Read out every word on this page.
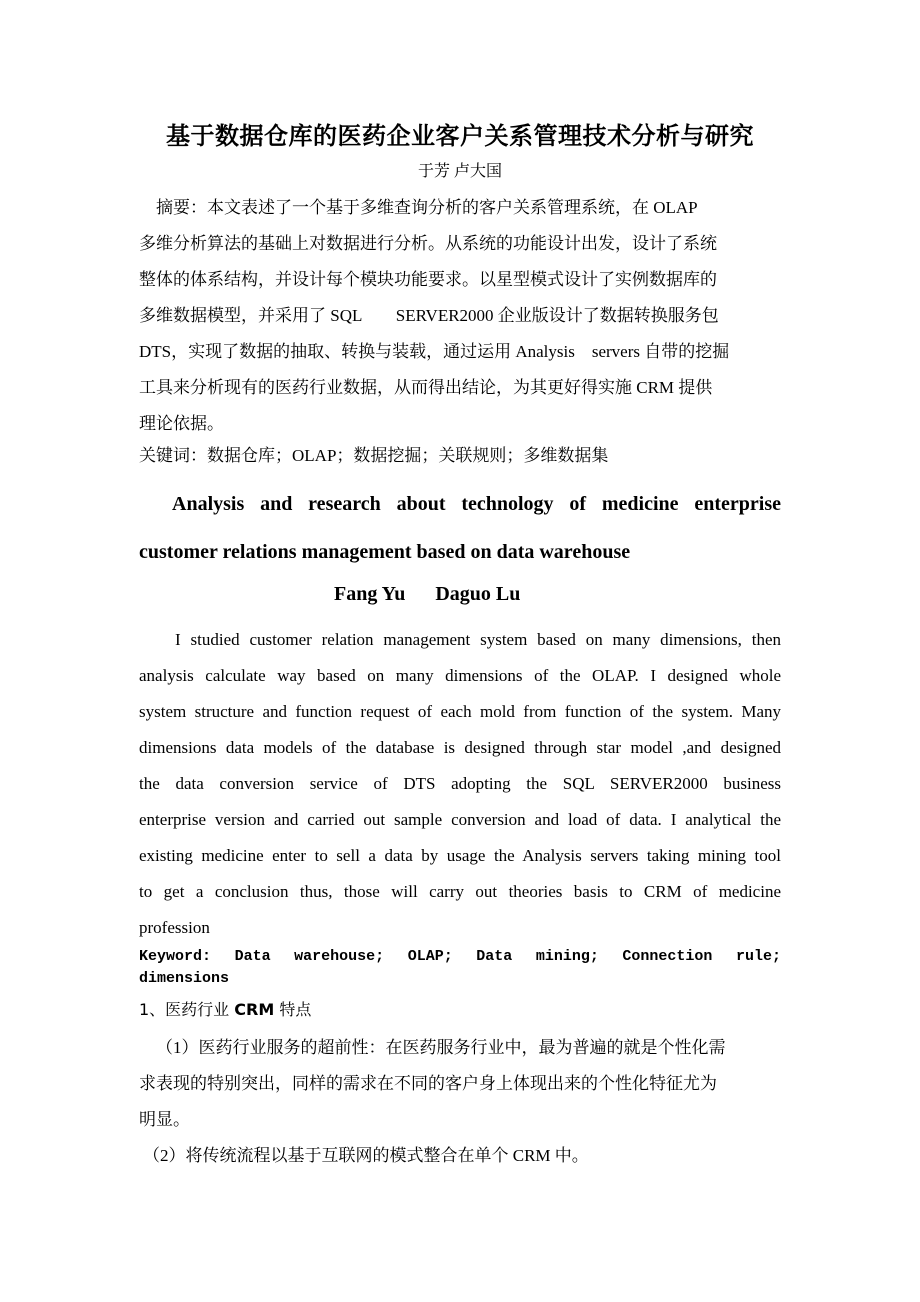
基于数据仓库的医药企业客户关系管理技术分析与研究
于芳 卢大国
　摘要：本文表述了一个基于多维查询分析的客户关系管理系统，在 OLAP
多维分析算法的基础上对数据进行分析。从系统的功能设计出发，设计了系统
整体的体系结构，并设计每个模块功能要求。以星型模式设计了实例数据库的
多维数据模型，并采用了 SQL　　SERVER2000 企业版设计了数据转换服务包
DTS，实现了数据的抽取、转换与装载，通过运用 Analysis　servers 自带的挖掘
工具来分析现有的医药行业数据，从而得出结论，为其更好得实施 CRM 提供
理论依据。
关键词：数据仓库；OLAP；数据挖掘；关联规则；多维数据集
Analysis and research about technology of medicine enterprise
customer relations management based on data warehouse
Fang Yu      Daguo Lu
I studied customer relation management system based on many dimensions, then
analysis calculate way based on many dimensions of the OLAP. I designed whole
system structure and function request of each mold from function of the system. Many
dimensions data models of the database is designed through star model ,and designed
the data conversion service of DTS adopting the SQL SERVER2000 business
enterprise version and carried out sample conversion and load of data. I analytical the
existing medicine enter to sell a data by usage the Analysis servers taking mining tool
to get a conclusion thus, those will carry out theories basis to CRM of medicine
profession
Keyword: Data warehouse; OLAP; Data mining; Connection rule;
dimensions
1、医药行业 CRM 特点
（1）医药行业服务的超前性：在医药服务行业中，最为普遍的就是个性化需
求表现的特别突出，同样的需求在不同的客户身上体现出来的个性化特征尤为
明显。
（2）将传统流程以基于互联网的模式整合在单个 CRM 中。
